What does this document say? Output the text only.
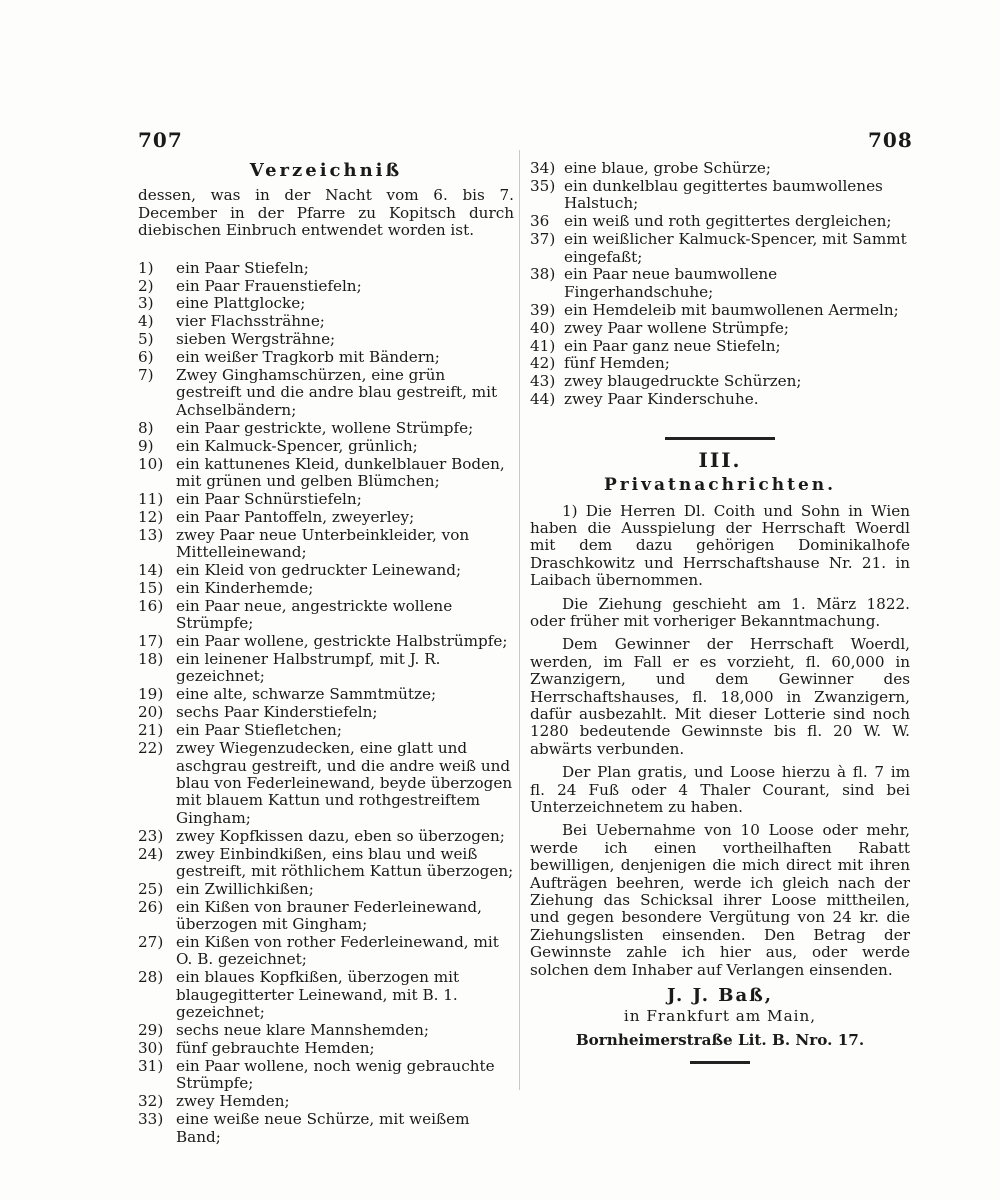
707	708
Verzeichniß
dessen, was in der Nacht vom 6. bis 7. December in der Pfarre zu Kopitsch durch diebischen Einbruch entwendet worden ist.
1)	ein Paar Stiefeln;
2)	ein Paar Frauenstiefeln;
3)	eine Plattglocke;
4)	vier Flachssträhne;
5)	sieben Wergsträhne;
6)	ein weißer Tragkorb mit Bändern;
7)	Zwey Ginghamschürzen, eine grün gestreift und die andre blau gestreift, mit Achselbändern;
8)	ein Paar gestrickte, wollene Strümpfe;
9)	ein Kalmuck-Spencer, grünlich;
10) ein kattunenes Kleid, dunkelblauer Boden, mit grünen und gelben Blümchen;
11) ein Paar Schnürstiefeln;
12) ein Paar Pantoffeln, zweyerley;
13) zwey Paar neue Unterbeinkleider, von Mittelleinewand;
14) ein Kleid von gedruckter Leinewand;
15) ein Kinderhemde;
16) ein Paar neue, angestrickte wollene Strümpfe;
17) ein Paar wollene, gestrickte Halbstrümpfe;
18) ein leinener Halbstrumpf, mit J. R. gezeichnet;
19) eine alte, schwarze Sammtmütze;
20) sechs Paar Kinderstiefeln;
21) ein Paar Stiefletchen;
22) zwey Wiegenzudecken, eine glatt und aschgrau gestreift, und die andre weiß und blau von Federleinewand, beyde überzogen mit blauem Kattun und rothgestreiftem Gingham;
23) zwey Kopfkissen dazu, eben so überzogen;
24) zwey Einbindkißen, eins blau und weiß gestreift, mit röthlichem Kattun überzogen;
25) ein Zwillichkißen;
26) ein Kißen von brauner Federleinewand, überzogen mit Gingham;
27) ein Kißen von rother Federleinewand, mit O. B. gezeichnet;
28) ein blaues Kopfkißen, überzogen mit blaugegitterter Leinewand, mit B. 1. gezeichnet;
29) sechs neue klare Mannshemden;
30) fünf gebrauchte Hemden;
31) ein Paar wollene, noch wenig gebrauchte Strümpfe;
32) zwey Hemden;
33) eine weiße neue Schürze, mit weißem Band;
34) eine blaue, grobe Schürze;
35) ein dunkelblau gegittertes baumwollenes Halstuch;
36 ein weiß und roth gegittertes dergleichen;
37) ein weißlicher Kalmuck-Spencer, mit Sammt eingefaßt;
38) ein Paar neue baumwollene Fingerhandschuhe;
39) ein Hemdeleib mit baumwollenen Aermeln;
40) zwey Paar wollene Strümpfe;
41) ein Paar ganz neue Stiefeln;
42) fünf Hemden;
43) zwey blaugedruckte Schürzen;
44) zwey Paar Kinderschuhe.
III.
Privatnachrichten.
1) Die Herren Dl. Coith und Sohn in Wien haben die Ausspielung der Herrschaft Woerdl mit dem dazu gehörigen Dominikalhofe Draschkowitz und Herrschaftshause Nr. 21. in Laibach übernommen.
Die Ziehung geschieht am 1. März 1822. oder früher mit vorheriger Bekanntmachung.
Dem Gewinner der Herrschaft Woerdl, werden, im Fall er es vorzieht, fl. 60,000 in Zwanzigern, und dem Gewinner des Herrschaftshauses, fl. 18,000 in Zwanzigern, dafür ausbezahlt. Mit dieser Lotterie sind noch 1280 bedeutende Gewinnste bis fl. 20 W. W. abwärts verbunden.
Der Plan gratis, und Loose hierzu à fl. 7 im fl. 24 Fuß oder 4 Thaler Courant, sind bei Unterzeichnetem zu haben.
Bei Uebernahme von 10 Loose oder mehr, werde ich einen vortheilhaften Rabatt bewilligen, denjenigen die mich direct mit ihren Aufträgen beehren, werde ich gleich nach der Ziehung das Schicksal ihrer Loose mittheilen, und gegen besondere Vergütung von 24 kr. die Ziehungslisten einsenden. Den Betrag der Gewinnste zahle ich hier aus, oder werde solchen dem Inhaber auf Verlangen einsenden.
J. J. Baß,
in Frankfurt am Main,
Bornheimerstraße Lit. B. Nro. 17.
